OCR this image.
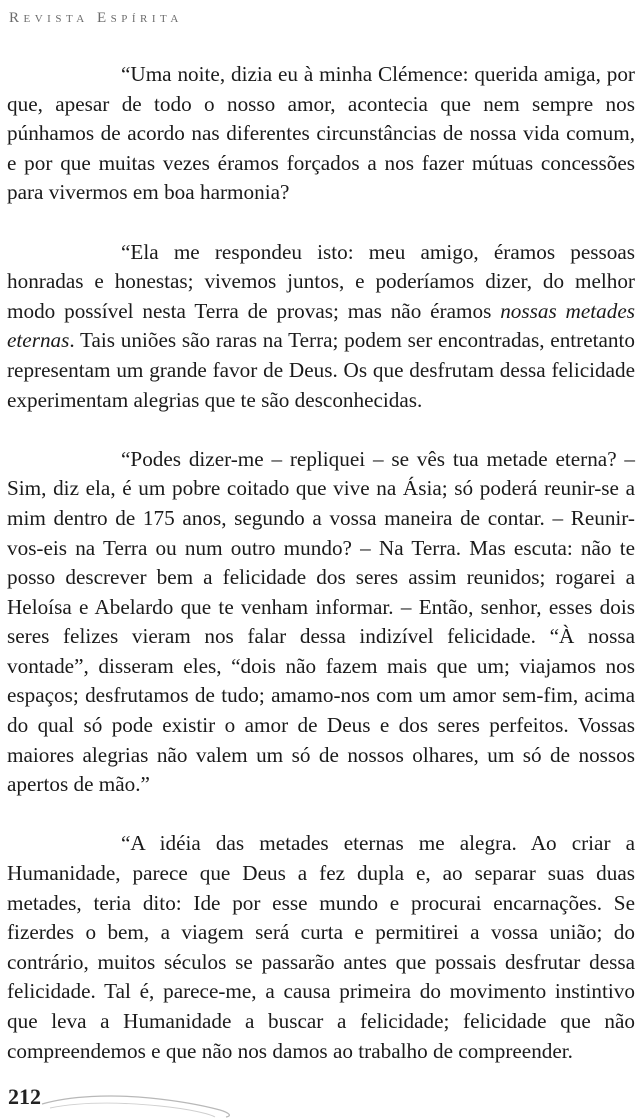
Revista Espírita

“Uma noite, dizia eu à minha Clémence: querida amiga, por que, apesar de todo o nosso amor, acontecia que nem sempre nos púnhamos de acordo nas diferentes circunstâncias de nossa vida comum, e por que muitas vezes éramos forçados a nos fazer mútuas concessões para vivermos em boa harmonia?

“Ela me respondeu isto: meu amigo, éramos pessoas honradas e honestas; vivemos juntos, e poderíamos dizer, do melhor modo possível nesta Terra de provas; mas não éramos nossas metades eternas. Tais uniões são raras na Terra; podem ser encontradas, entretanto representam um grande favor de Deus. Os que desfrutam dessa felicidade experimentam alegrias que te são desconhecidas.

“Podes dizer-me – repliquei – se vês tua metade eterna? – Sim, diz ela, é um pobre coitado que vive na Ásia; só poderá reunir-se a mim dentro de 175 anos, segundo a vossa maneira de contar. – Reunir-vos-eis na Terra ou num outro mundo? – Na Terra. Mas escuta: não te posso descrever bem a felicidade dos seres assim reunidos; rogarei a Heloísa e Abelardo que te venham informar. – Então, senhor, esses dois seres felizes vieram nos falar dessa indizível felicidade. “À nossa vontade”, disseram eles, “dois não fazem mais que um; viajamos nos espaços; desfrutamos de tudo; amamo-nos com um amor sem-fim, acima do qual só pode existir o amor de Deus e dos seres perfeitos. Vossas maiores alegrias não valem um só de nossos olhares, um só de nossos apertos de mão.”

“A idéia das metades eternas me alegra. Ao criar a Humanidade, parece que Deus a fez dupla e, ao separar suas duas metades, teria dito: Ide por esse mundo e procurai encarnações. Se fizerdes o bem, a viagem será curta e permitirei a vossa união; do contrário, muitos séculos se passarão antes que possais desfrutar dessa felicidade. Tal é, parece-me, a causa primeira do movimento instintivo que leva a Humanidade a buscar a felicidade; felicidade que não compreendemos e que não nos damos ao trabalho de compreender.

212
